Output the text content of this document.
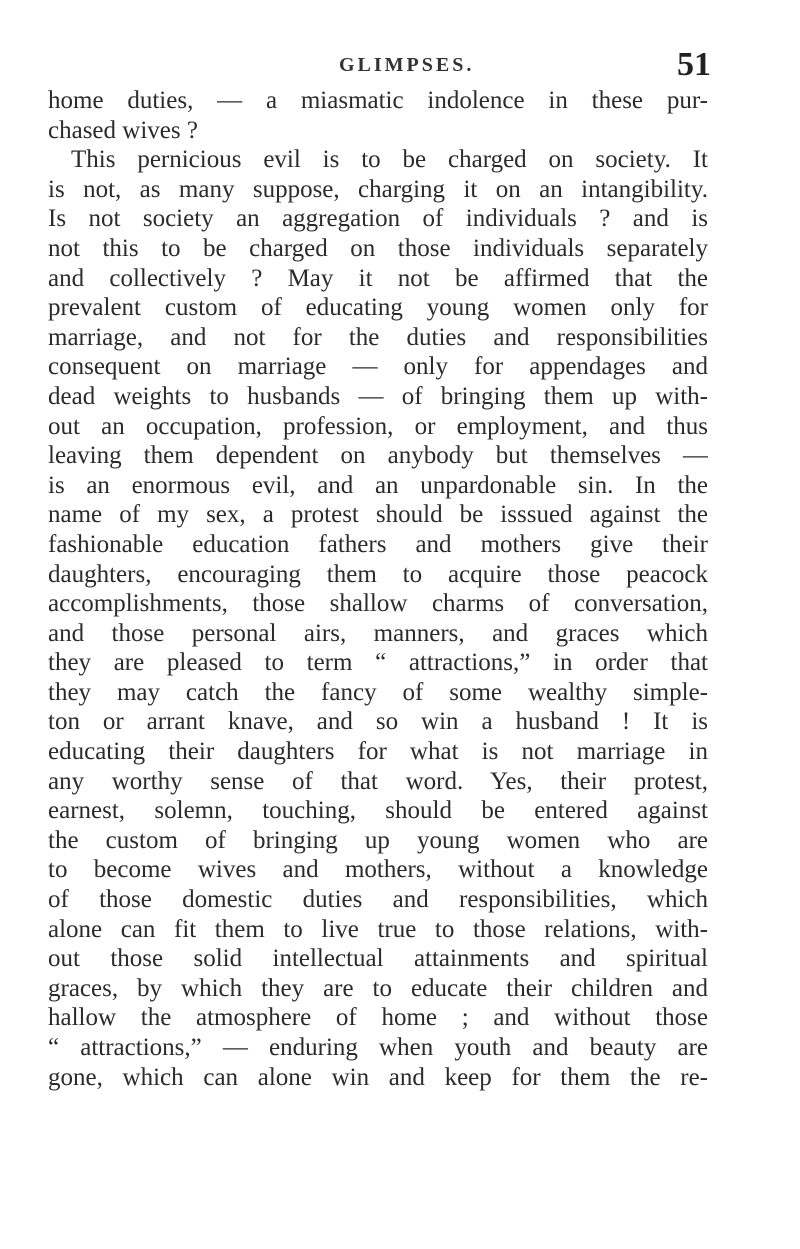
GLIMPSES.	51
home duties, — a miasmatic indolence in these pur-
chased wives ?
This pernicious evil is to be charged on society. It
is not, as many suppose, charging it on an intangibility.
Is not society an aggregation of individuals ? and is
not this to be charged on those individuals separately
and collectively ? May it not be affirmed that the
prevalent custom of educating young women only for
marriage, and not for the duties and responsibilities
consequent on marriage — only for appendages and
dead weights to husbands — of bringing them up with-
out an occupation, profession, or employment, and thus
leaving them dependent on anybody but themselves —
is an enormous evil, and an unpardonable sin. In the
name of my sex, a protest should be isssued against the
fashionable education fathers and mothers give their
daughters, encouraging them to acquire those peacock
accomplishments, those shallow charms of conversation,
and those personal airs, manners, and graces which
they are pleased to term “ attractions,” in order that
they may catch the fancy of some wealthy simple-
ton or arrant knave, and so win a husband ! It is
educating their daughters for what is not marriage in
any worthy sense of that word. Yes, their protest,
earnest, solemn, touching, should be entered against
the custom of bringing up young women who are
to become wives and mothers, without a knowledge
of those domestic duties and responsibilities, which
alone can fit them to live true to those relations, with-
out those solid intellectual attainments and spiritual
graces, by which they are to educate their children and
hallow the atmosphere of home ; and without those
“ attractions,” — enduring when youth and beauty are
gone, which can alone win and keep for them the re-
